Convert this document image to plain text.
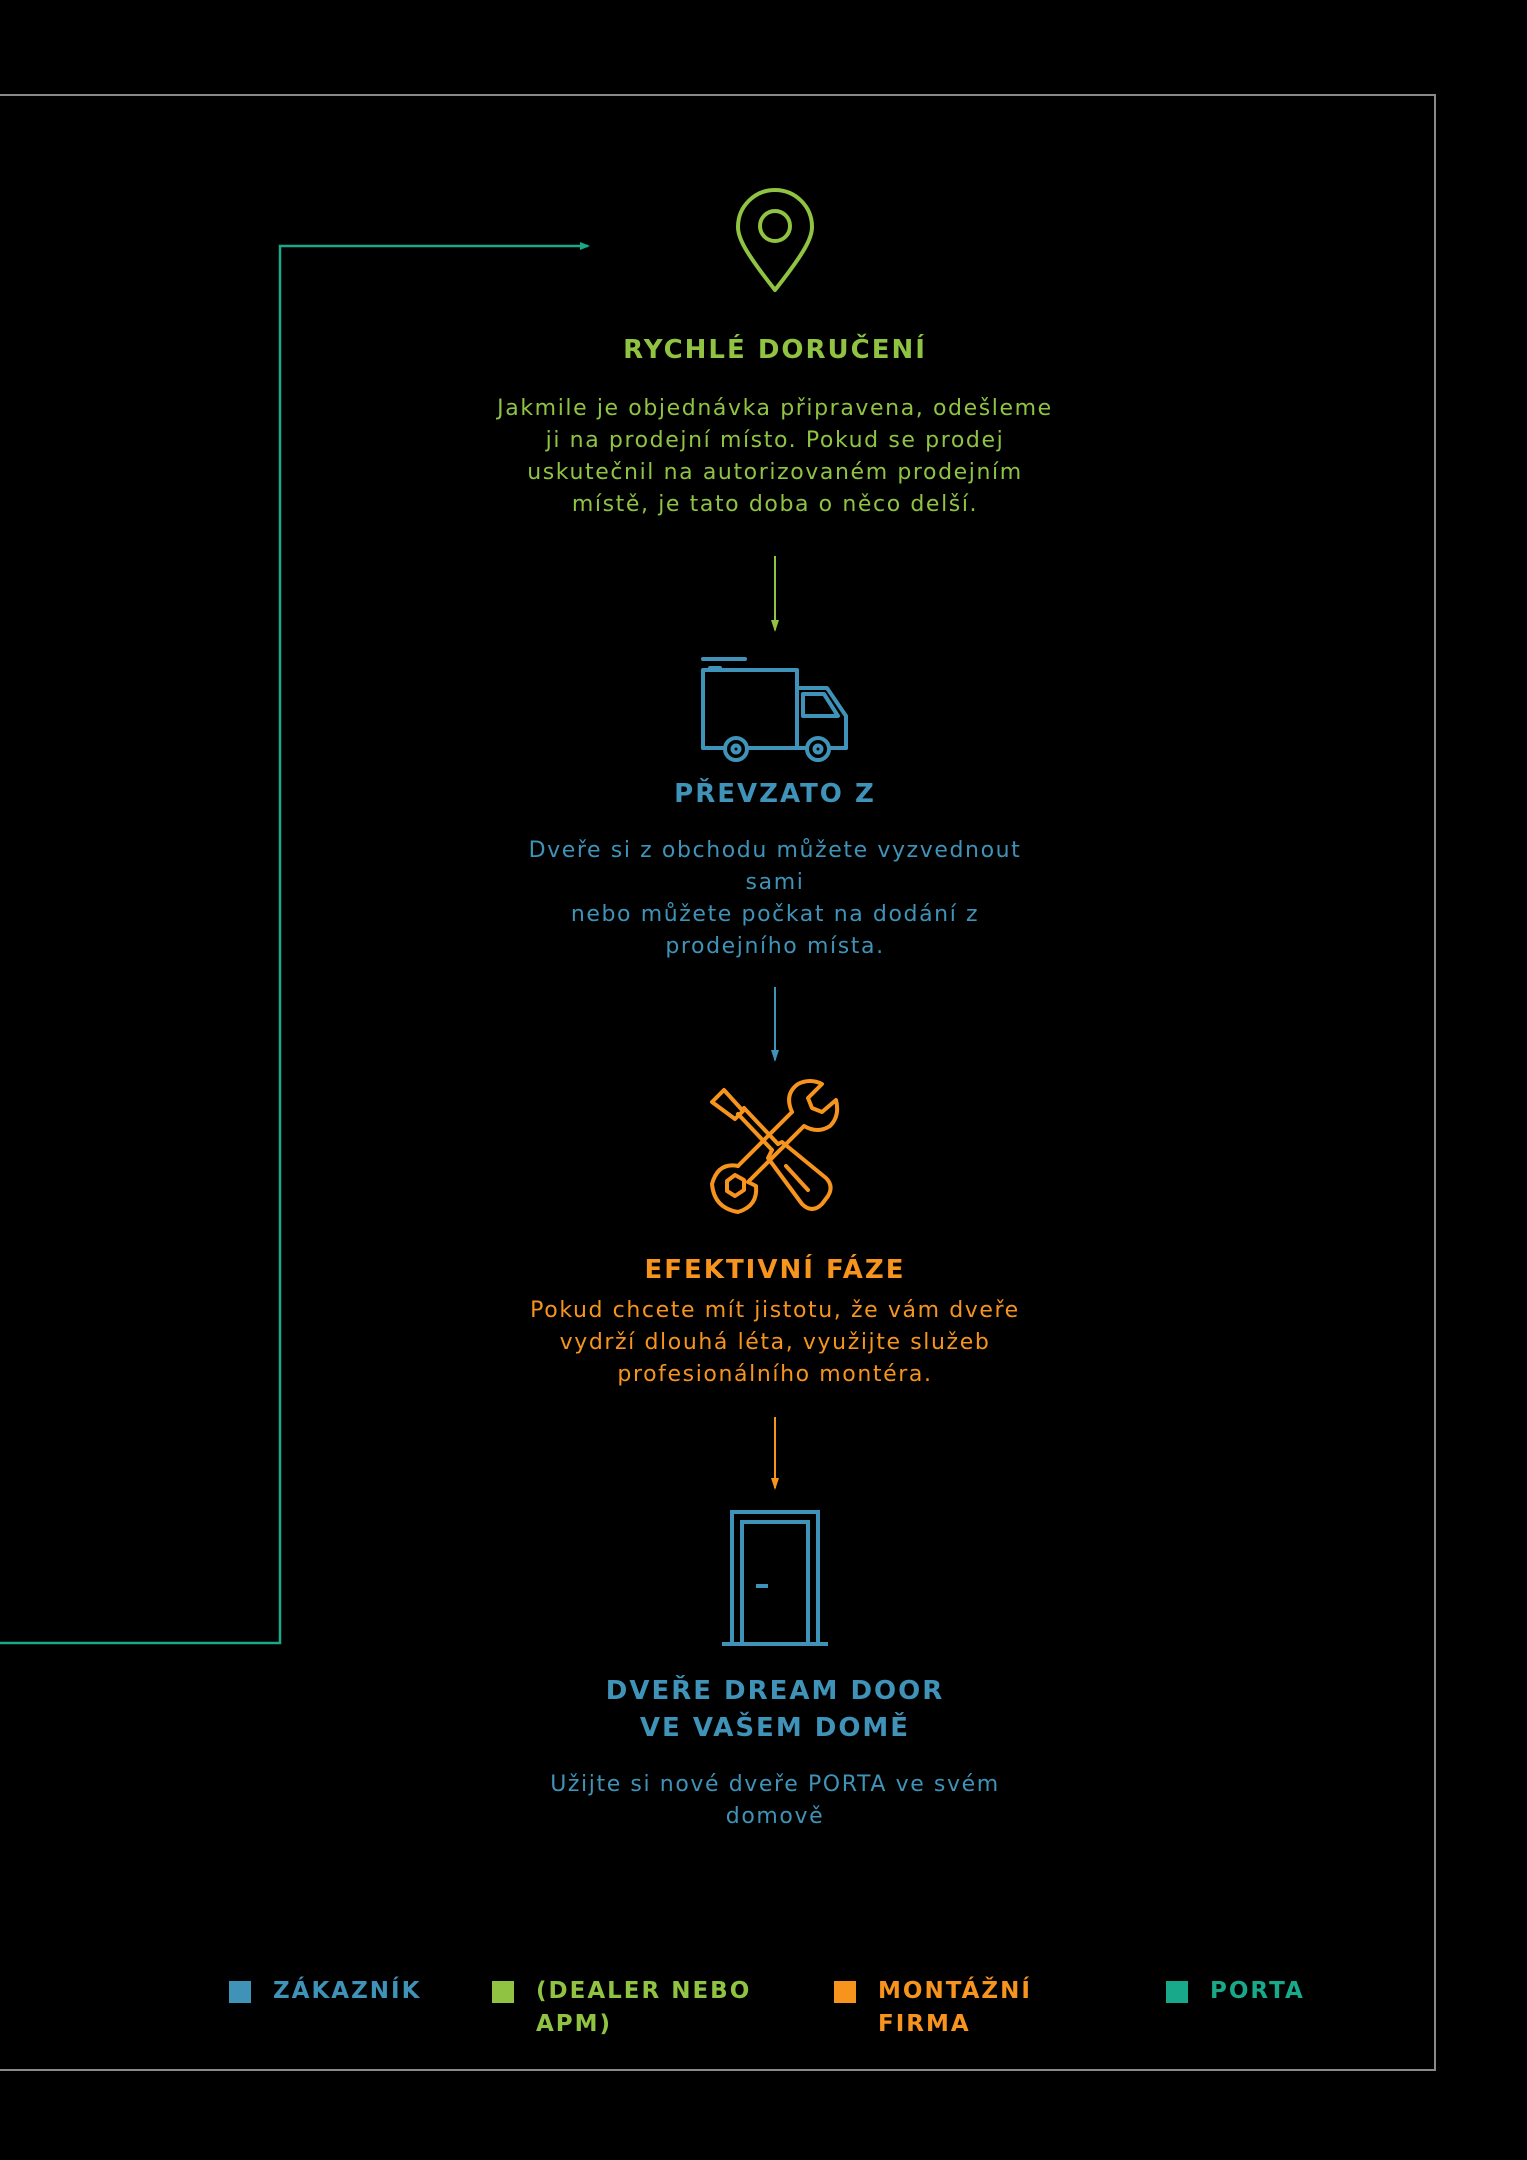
RYCHLÉ DORUČENÍ

Jakmile je objednávka připravena, odešleme
ji na prodejní místo. Pokud se prodej
uskutečnil na autorizovaném prodejním
místě, je tato doba o něco delší.

PŘEVZATO Z

Dveře si z obchodu můžete vyzvednout
sami
nebo můžete počkat na dodání z
prodejního místa.

EFEKTIVNÍ FÁZE

Pokud chcete mít jistotu, že vám dveře
vydrží dlouhá léta, využijte služeb
profesionálního montéra.

DVEŘE DREAM DOOR
VE VAŠEM DOMĚ

Užijte si nové dveře PORTA ve svém
domově

ZÁKAZNÍK	(DEALER NEBO
APM)
MONTÁŽNÍ
FIRMA
PORTA
